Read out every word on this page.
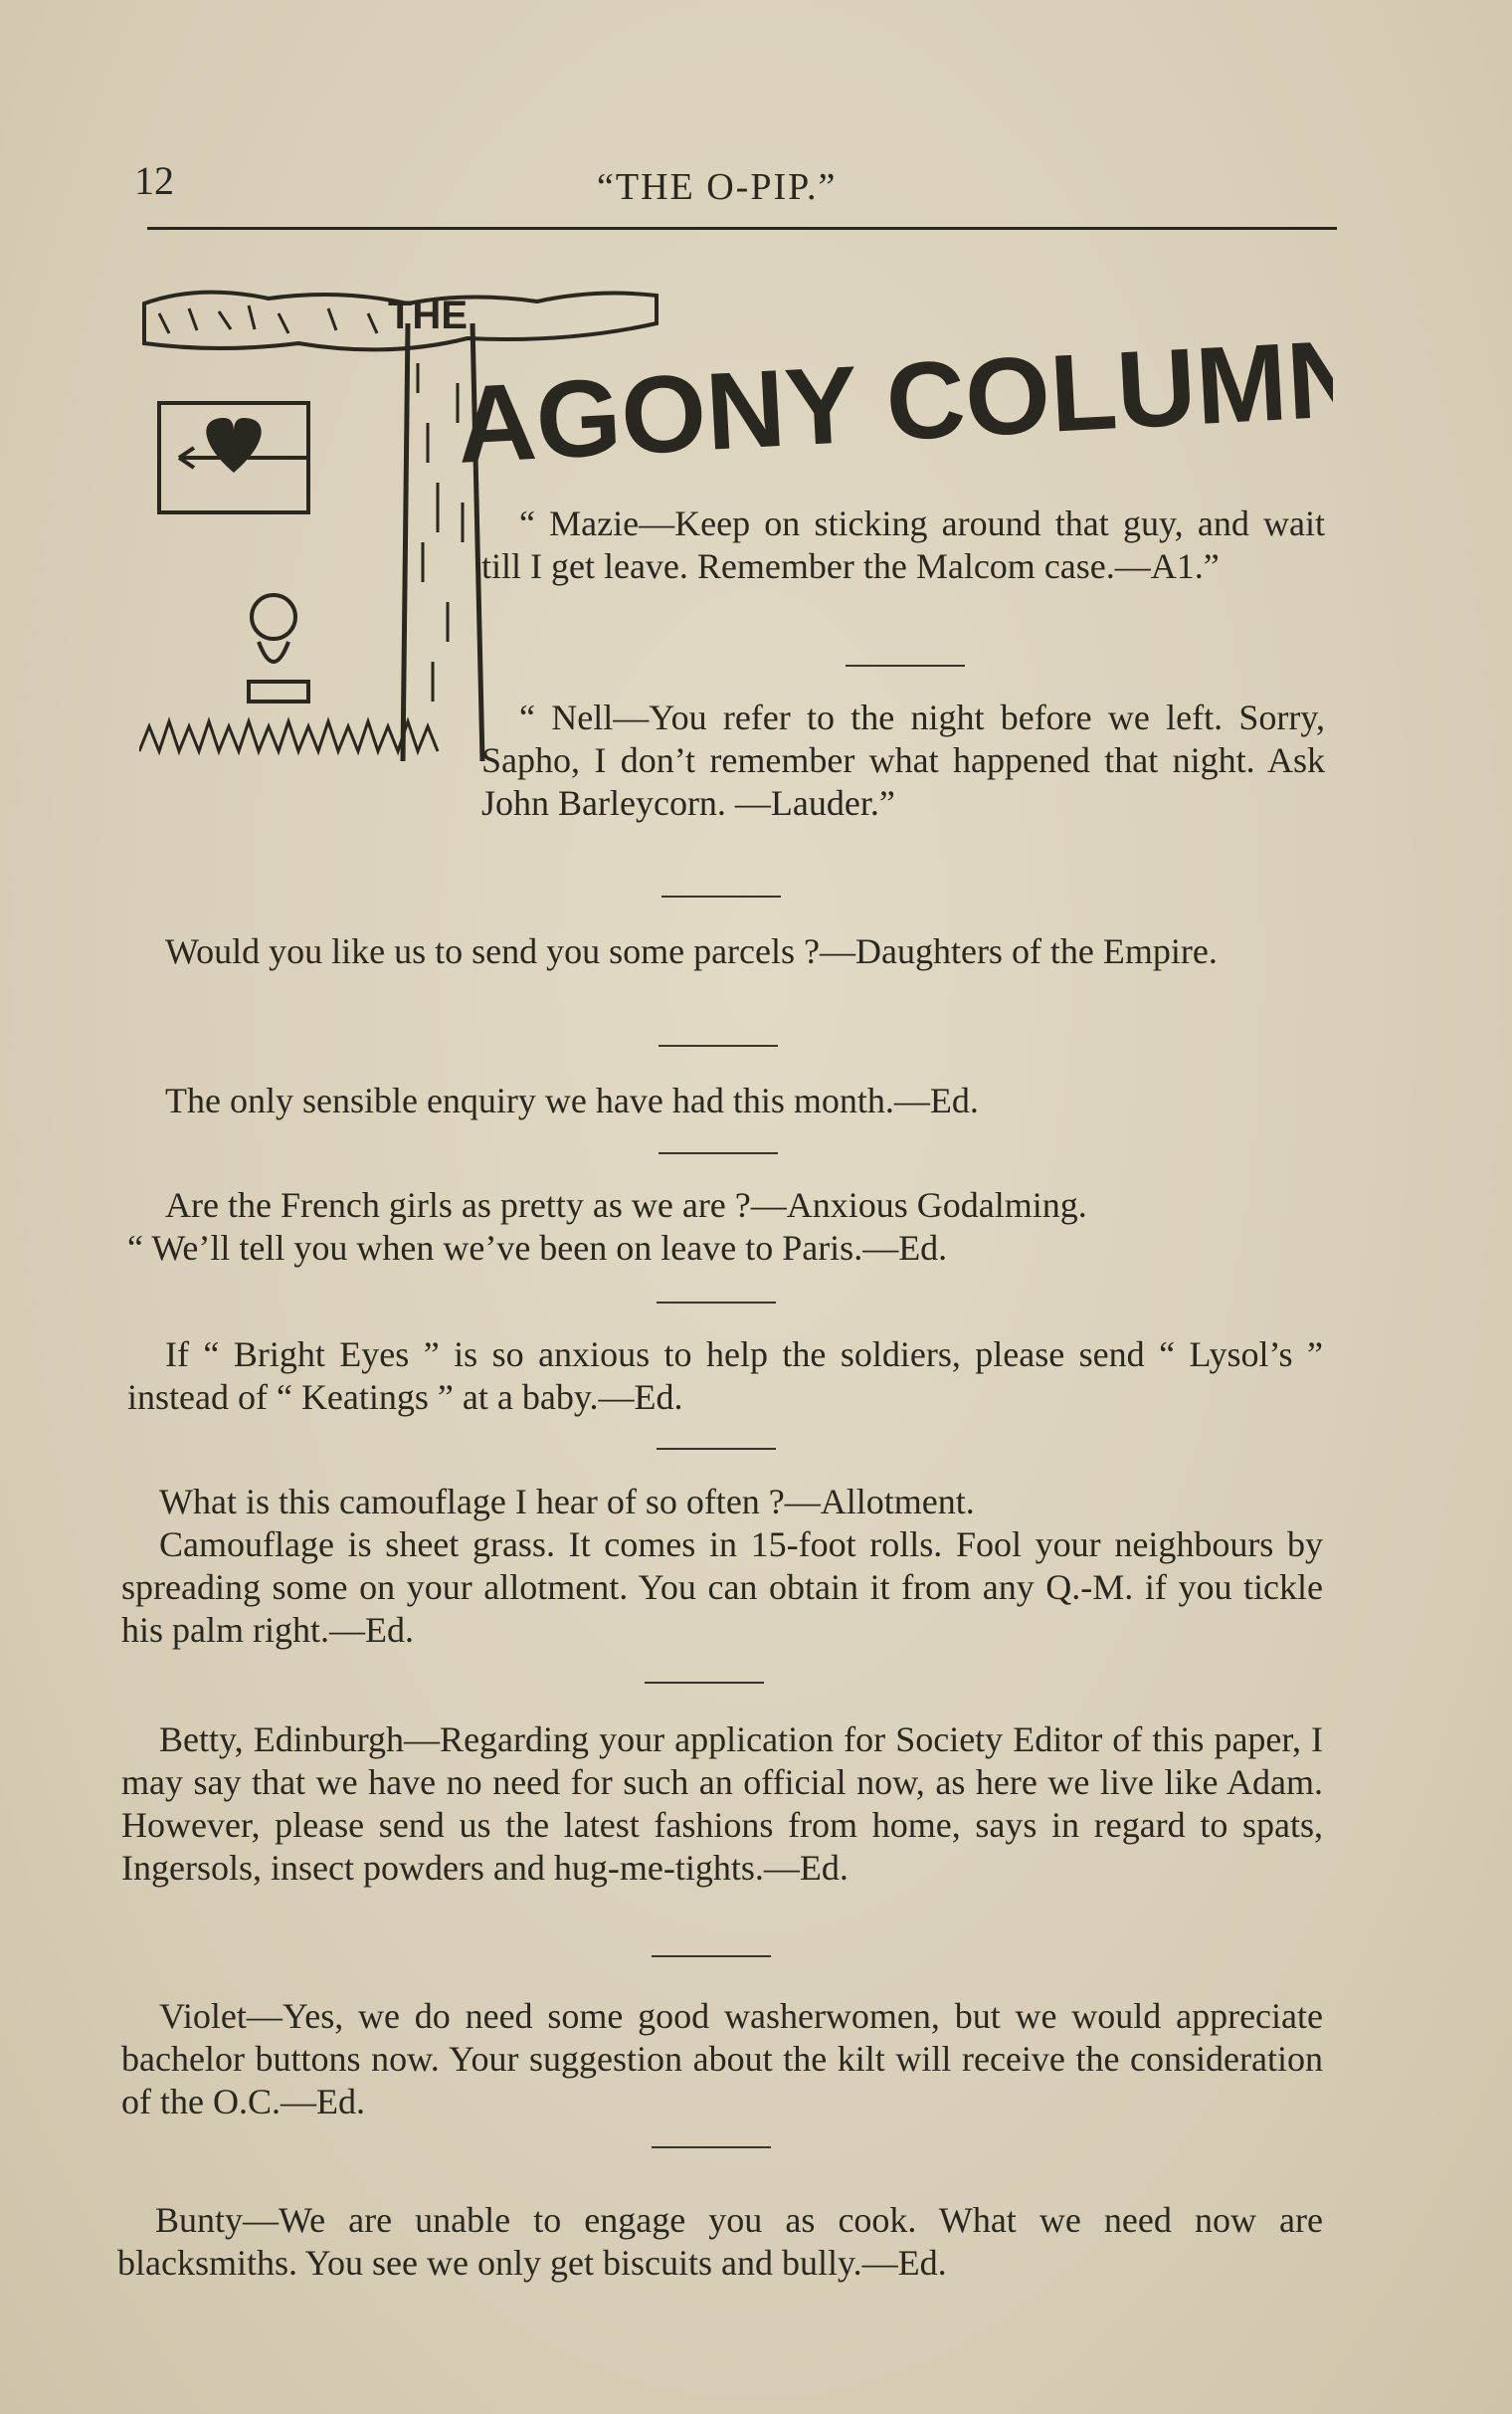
12	“THE O-PIP.”
THE
AGONY COLUMN

“ Mazie—Keep on sticking around that guy, and wait till I get leave. Remember the Malcom case.—A1.”

“ Nell—You refer to the night before we left. Sorry, Sapho, I don’t remember what happened that night. Ask John Barleycorn. —Lauder.”

Would you like us to send you some parcels ?—Daughters of the Empire.

The only sensible enquiry we have had this month.—Ed.

Are the French girls as pretty as we are ?—Anxious Godalming.

“ We’ll tell you when we’ve been on leave to Paris.—Ed.

If “ Bright Eyes ” is so anxious to help the soldiers, please send “ Lysol’s ” instead of “ Keatings ” at a baby.—Ed.

What is this camouflage I hear of so often ?—Allotment.

Camouflage is sheet grass. It comes in 15-foot rolls. Fool your neighbours by spreading some on your allotment. You can obtain it from any Q.-M. if you tickle his palm right.—Ed.

Betty, Edinburgh—Regarding your application for Society Editor of this paper, I may say that we have no need for such an official now, as here we live like Adam. However, please send us the latest fashions from home, says in regard to spats, Ingersols, insect powders and hug-me-tights.—Ed.

Violet—Yes, we do need some good washerwomen, but we would appreciate bachelor buttons now. Your suggestion about the kilt will receive the consideration of the O.C.—Ed.

Bunty—We are unable to engage you as cook. What we need now are blacksmiths. You see we only get biscuits and bully.—Ed.
